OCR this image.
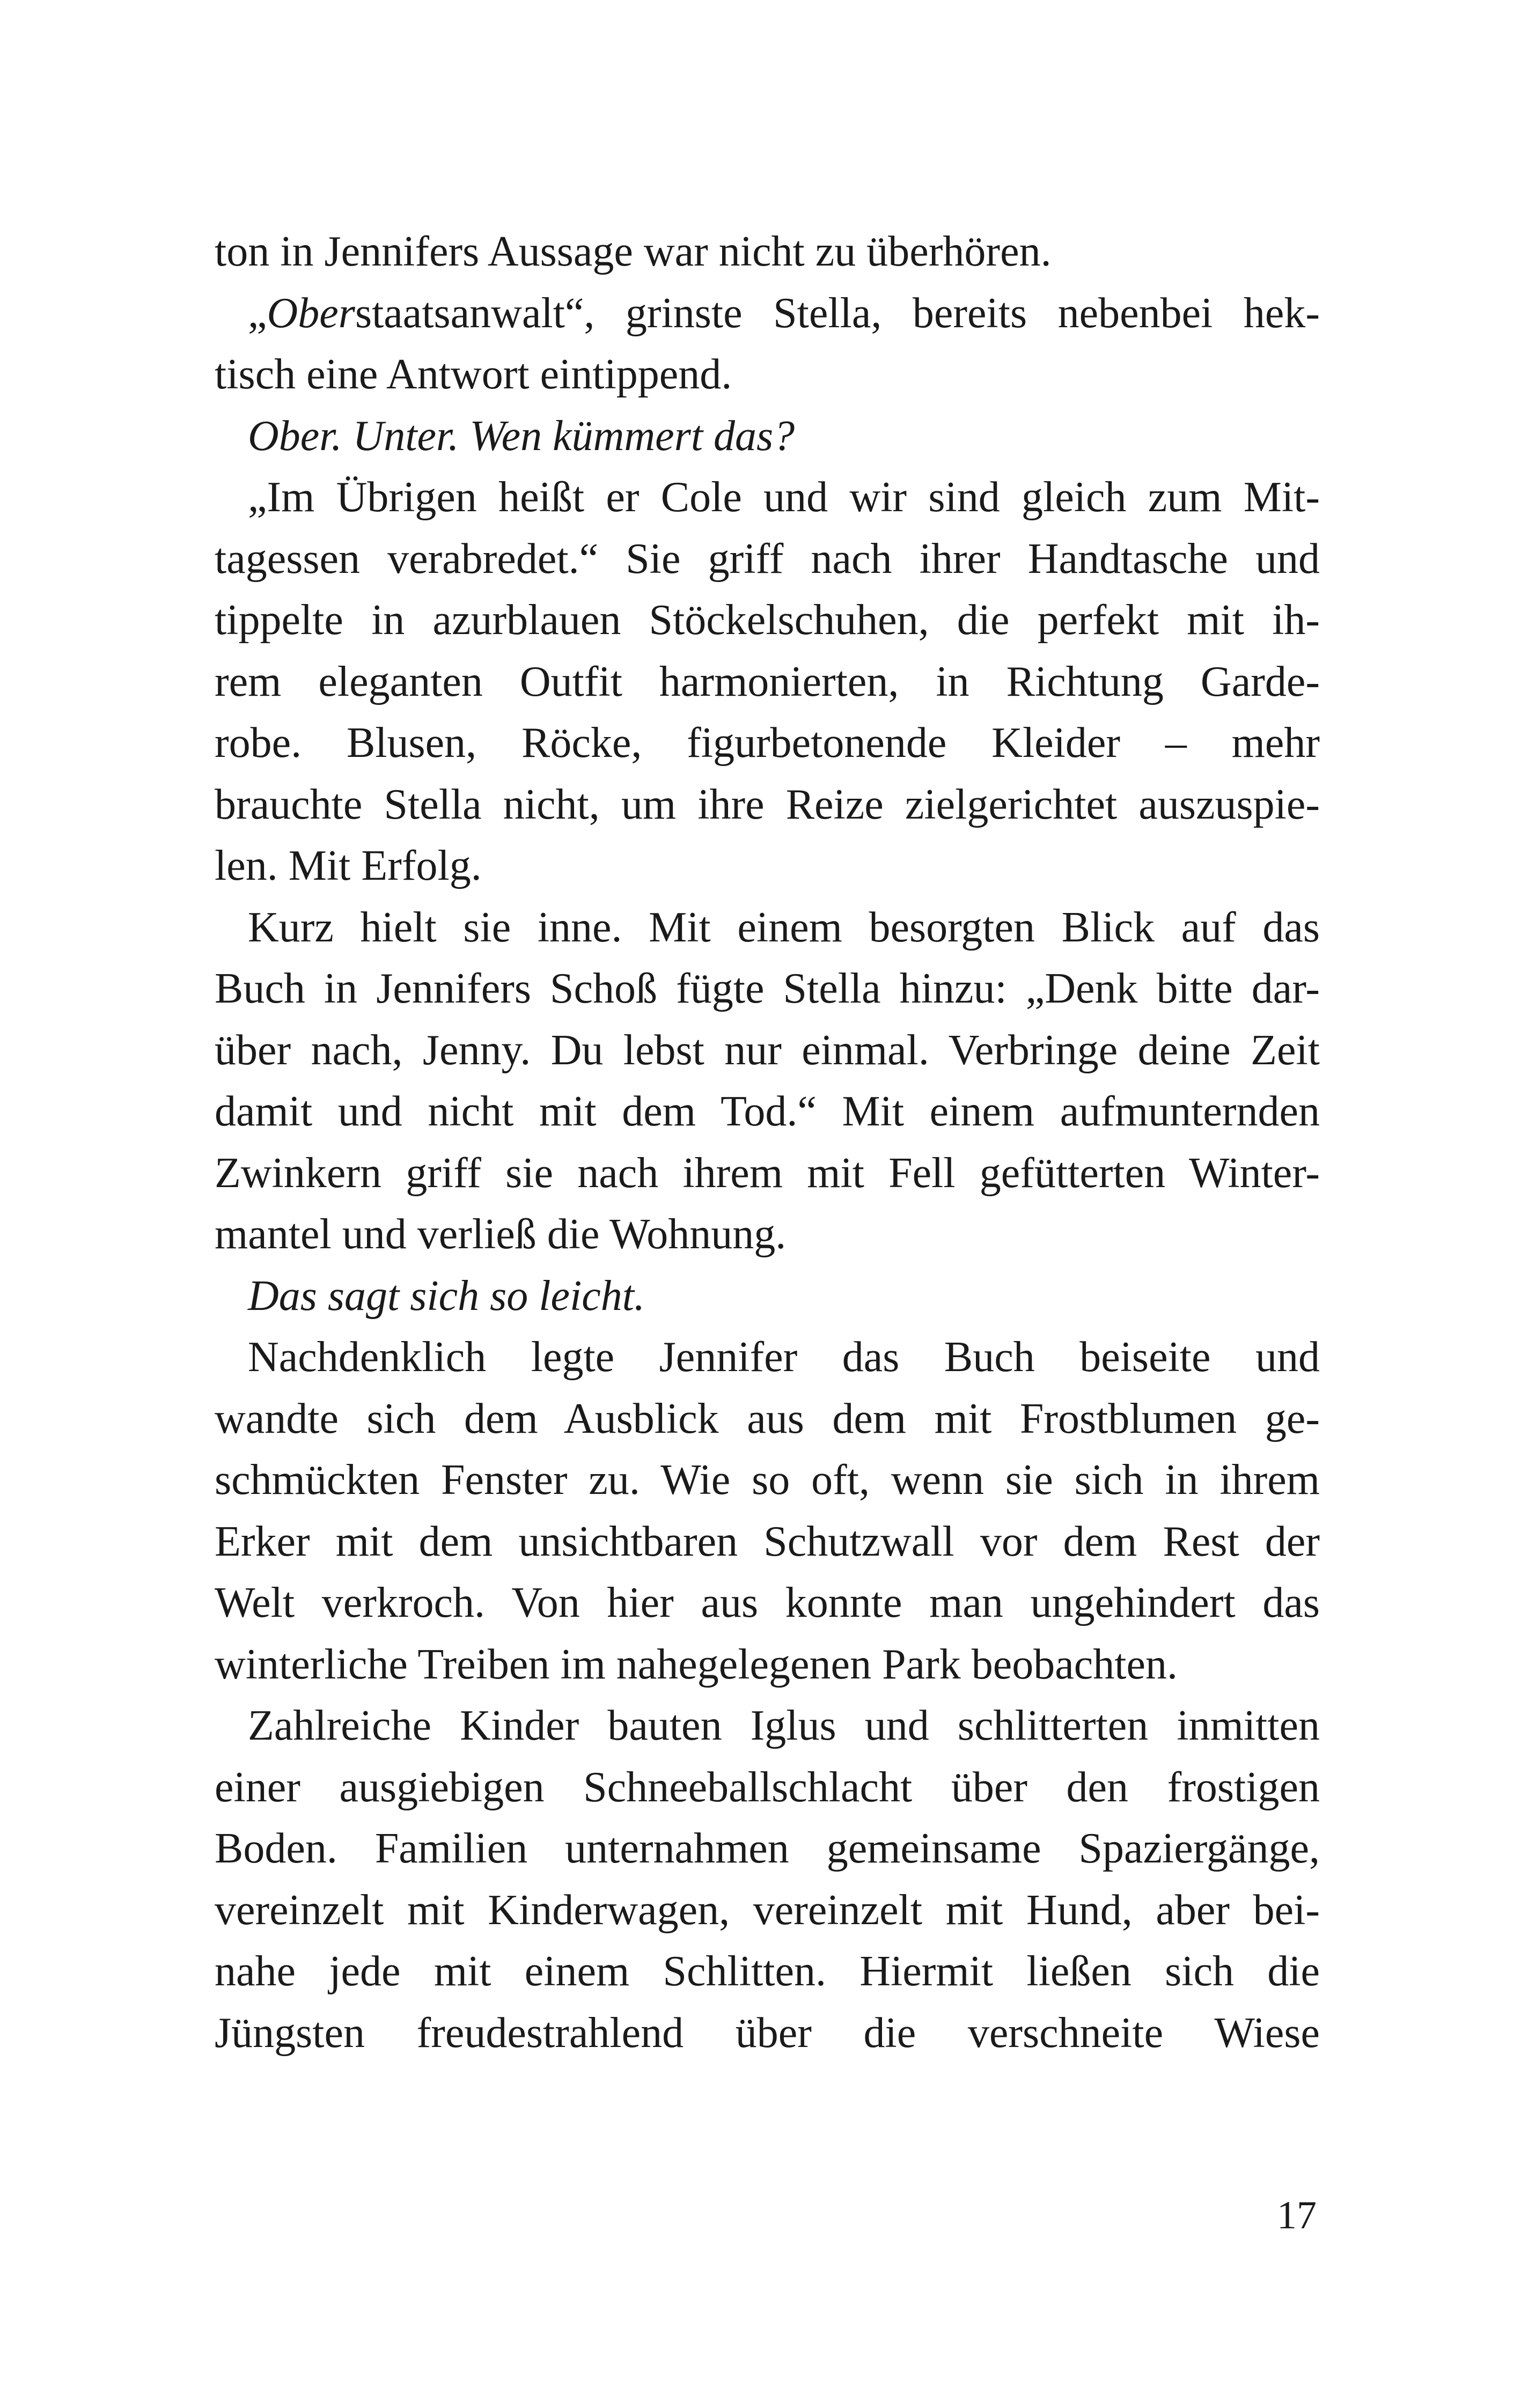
ton in Jennifers Aussage war nicht zu überhören.
„Oberstaatsanwalt“, grinste Stella, bereits nebenbei hek-
tisch eine Antwort eintippend.
Ober. Unter. Wen kümmert das?
„Im Übrigen heißt er Cole und wir sind gleich zum Mit-
tagessen verabredet.“ Sie griff nach ihrer Handtasche und
tippelte in azurblauen Stöckelschuhen, die perfekt mit ih-
rem eleganten Outfit harmonierten, in Richtung Garde-
robe. Blusen, Röcke, figurbetonende Kleider – mehr
brauchte Stella nicht, um ihre Reize zielgerichtet auszuspie-
len. Mit Erfolg.
Kurz hielt sie inne. Mit einem besorgten Blick auf das
Buch in Jennifers Schoß fügte Stella hinzu: „Denk bitte dar-
über nach, Jenny. Du lebst nur einmal. Verbringe deine Zeit
damit und nicht mit dem Tod.“ Mit einem aufmunternden
Zwinkern griff sie nach ihrem mit Fell gefütterten Winter-
mantel und verließ die Wohnung.
Das sagt sich so leicht.
Nachdenklich legte Jennifer das Buch beiseite und
wandte sich dem Ausblick aus dem mit Frostblumen ge-
schmückten Fenster zu. Wie so oft, wenn sie sich in ihrem
Erker mit dem unsichtbaren Schutzwall vor dem Rest der
Welt verkroch. Von hier aus konnte man ungehindert das
winterliche Treiben im nahegelegenen Park beobachten.
Zahlreiche Kinder bauten Iglus und schlitterten inmitten
einer ausgiebigen Schneeballschlacht über den frostigen
Boden. Familien unternahmen gemeinsame Spaziergänge,
vereinzelt mit Kinderwagen, vereinzelt mit Hund, aber bei-
nahe jede mit einem Schlitten. Hiermit ließen sich die
Jüngsten freudestrahlend über die verschneite Wiese
17
